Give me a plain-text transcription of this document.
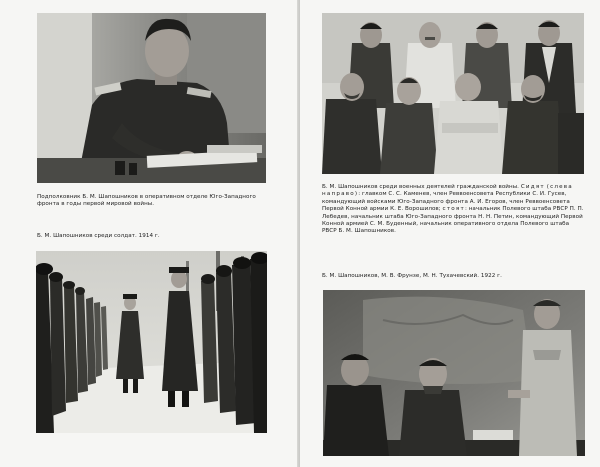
Подполковник Б. М. Шапошников в оперативном отделе Юго-Западного фронта в годы первой мировой войны.

Б. М. Шапошников среди солдат. 1914 г.

Б. М. Шапошников среди военных деятелей гражданской войны. Сидят (слева направо): главком С. С. Каменев, член Реввоенсовета Республики С. И. Гусев, командующий войсками Юго-Западного фронта А. И. Егоров, член Реввоенсовета Первой Конной армии К. Е. Ворошилов; стоят: начальник Полевого штаба РВСР П. П. Лебедев, начальник штаба Юго-Западного фронта Н. Н. Петин, командующий Первой Конной армией С. М. Буденный, начальник оперативного отдела Полевого штаба РВСР Б. М. Шапошников.

Б. М. Шапошников, М. В. Фрунзе, М. Н. Тухачевский. 1922 г.
